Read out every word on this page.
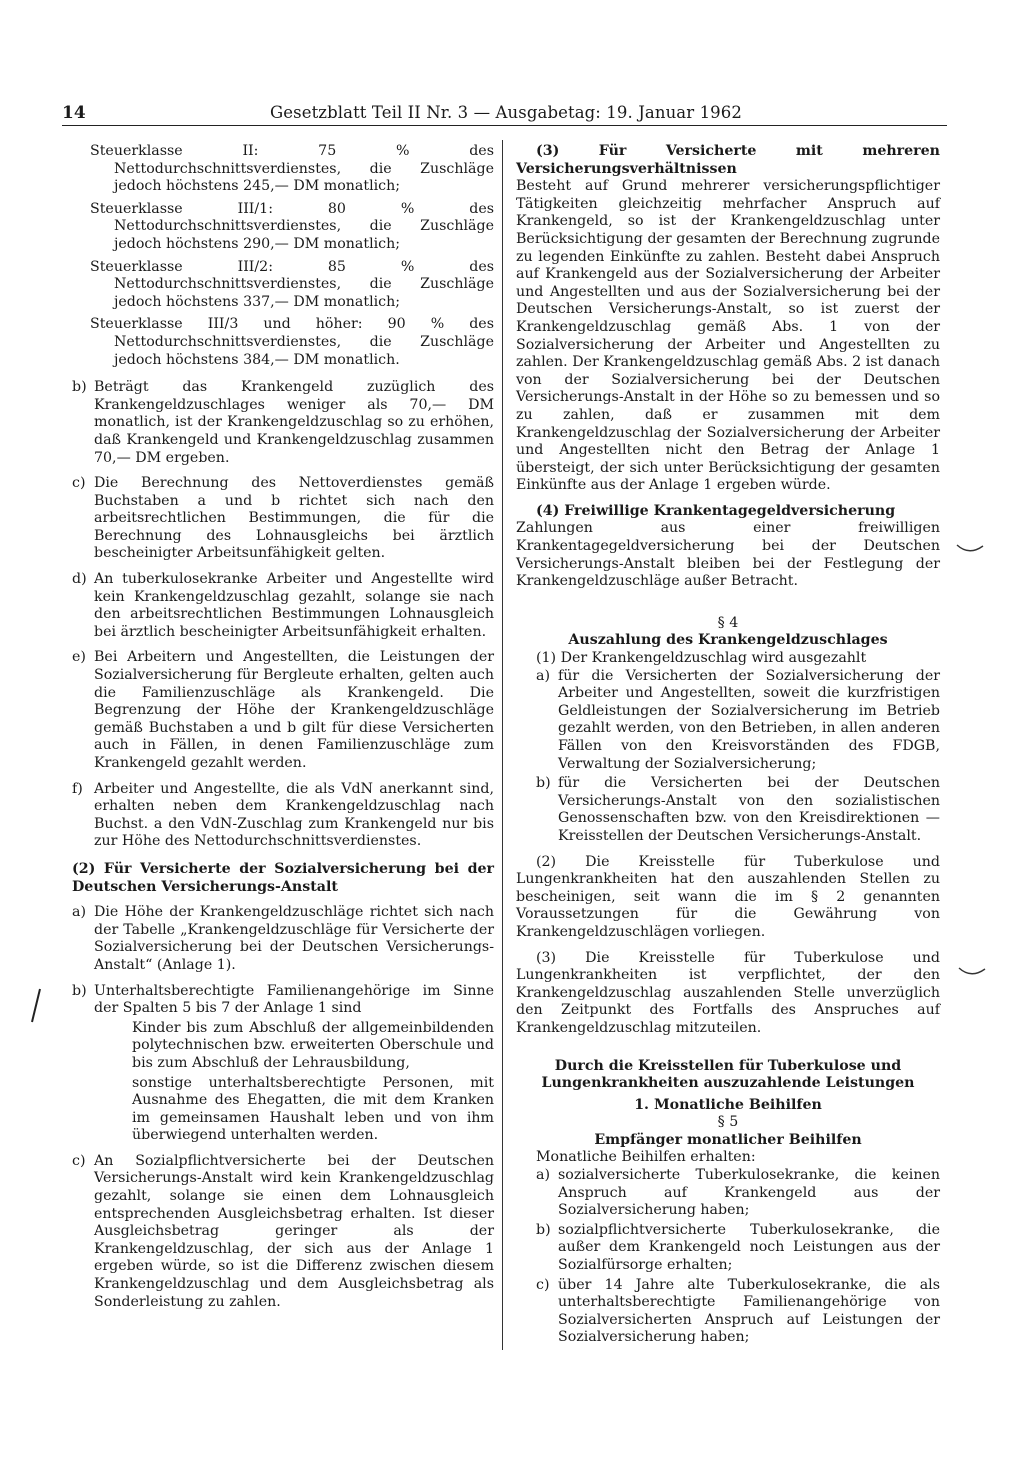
14	Gesetzblatt Teil II Nr. 3 — Ausgabetag: 19. Januar 1962

Steuerklasse II: 75 % des Nettodurchschnittsverdienstes, die Zuschläge jedoch höchstens 245,— DM monatlich;

Steuerklasse III/1: 80 % des Nettodurchschnittsverdienstes, die Zuschläge jedoch höchstens 290,— DM monatlich;

Steuerklasse III/2: 85 % des Nettodurchschnittsverdienstes, die Zuschläge jedoch höchstens 337,— DM monatlich;

Steuerklasse III/3 und höher: 90 % des Nettodurchschnittsverdienstes, die Zuschläge jedoch höchstens 384,— DM monatlich.

b) Beträgt das Krankengeld zuzüglich des Krankengeldzuschlages weniger als 70,— DM monatlich, ist der Krankengeldzuschlag so zu erhöhen, daß Krankengeld und Krankengeldzuschlag zusammen 70,— DM ergeben.
c) Die Berechnung des Nettoverdienstes gemäß Buchstaben a und b richtet sich nach den arbeitsrechtlichen Bestimmungen, die für die Berechnung des Lohnausgleichs bei ärztlich bescheinigter Arbeitsunfähigkeit gelten.
d) An tuberkulosekranke Arbeiter und Angestellte wird kein Krankengeldzuschlag gezahlt, solange sie nach den arbeitsrechtlichen Bestimmungen Lohnausgleich bei ärztlich bescheinigter Arbeitsunfähigkeit erhalten.
e) Bei Arbeitern und Angestellten, die Leistungen der Sozialversicherung für Bergleute erhalten, gelten auch die Familienzuschläge als Krankengeld. Die Begrenzung der Höhe der Krankengeldzuschläge gemäß Buchstaben a und b gilt für diese Versicherten auch in Fällen, in denen Familienzuschläge zum Krankengeld gezahlt werden.
f) Arbeiter und Angestellte, die als VdN anerkannt sind, erhalten neben dem Krankengeldzuschlag nach Buchst. a den VdN-Zuschlag zum Krankengeld nur bis zur Höhe des Nettodurchschnittsverdienstes.

(2) Für Versicherte der Sozialversicherung bei der Deutschen Versicherungs-Anstalt

a) Die Höhe der Krankengeldzuschläge richtet sich nach der Tabelle „Krankengeldzuschläge für Versicherte der Sozialversicherung bei der Deutschen Versicherungs-Anstalt“ (Anlage 1).
b) Unterhaltsberechtigte Familienangehörige im Sinne der Spalten 5 bis 7 der Anlage 1 sind

Kinder bis zum Abschluß der allgemeinbildenden polytechnischen bzw. erweiterten Oberschule und bis zum Abschluß der Lehrausbildung,

sonstige unterhaltsberechtigte Personen, mit Ausnahme des Ehegatten, die mit dem Kranken im gemeinsamen Haushalt leben und von ihm überwiegend unterhalten werden.

c) An Sozialpflichtversicherte bei der Deutschen Versicherungs-Anstalt wird kein Krankengeldzuschlag gezahlt, solange sie einen dem Lohnausgleich entsprechenden Ausgleichsbetrag erhalten. Ist dieser Ausgleichsbetrag geringer als der Krankengeldzuschlag, der sich aus der Anlage 1 ergeben würde, so ist die Differenz zwischen diesem Krankengeldzuschlag und dem Ausgleichsbetrag als Sonderleistung zu zahlen.

(3) Für Versicherte mit mehreren Versicherungsverhältnissen

Besteht auf Grund mehrerer versicherungspflichtiger Tätigkeiten gleichzeitig mehrfacher Anspruch auf Krankengeld, so ist der Krankengeldzuschlag unter Berücksichtigung der gesamten der Berechnung zugrunde zu legenden Einkünfte zu zahlen. Besteht dabei Anspruch auf Krankengeld aus der Sozialversicherung der Arbeiter und Angestellten und aus der Sozialversicherung bei der Deutschen Versicherungs-Anstalt, so ist zuerst der Krankengeldzuschlag gemäß Abs. 1 von der Sozialversicherung der Arbeiter und Angestellten zu zahlen. Der Krankengeldzuschlag gemäß Abs. 2 ist danach von der Sozialversicherung bei der Deutschen Versicherungs-Anstalt in der Höhe so zu bemessen und so zu zahlen, daß er zusammen mit dem Krankengeldzuschlag der Sozialversicherung der Arbeiter und Angestellten nicht den Betrag der Anlage 1 übersteigt, der sich unter Berücksichtigung der gesamten Einkünfte aus der Anlage 1 ergeben würde.

(4) Freiwillige Krankentagegeldversicherung

Zahlungen aus einer freiwilligen Krankentagegeldversicherung bei der Deutschen Versicherungs-Anstalt bleiben bei der Festlegung der Krankengeldzuschläge außer Betracht.

§ 4

Auszahlung des Krankengeldzuschlages

(1) Der Krankengeldzuschlag wird ausgezahlt

a) für die Versicherten der Sozialversicherung der Arbeiter und Angestellten, soweit die kurzfristigen Geldleistungen der Sozialversicherung im Betrieb gezahlt werden, von den Betrieben, in allen anderen Fällen von den Kreisvorständen des FDGB, Verwaltung der Sozialversicherung;
b) für die Versicherten bei der Deutschen Versicherungs-Anstalt von den sozialistischen Genossenschaften bzw. von den Kreisdirektionen — Kreisstellen der Deutschen Versicherungs-Anstalt.

(2) Die Kreisstelle für Tuberkulose und Lungenkrankheiten hat den auszahlenden Stellen zu bescheinigen, seit wann die im § 2 genannten Voraussetzungen für die Gewährung von Krankengeldzuschlägen vorliegen.

(3) Die Kreisstelle für Tuberkulose und Lungenkrankheiten ist verpflichtet, der den Krankengeldzuschlag auszahlenden Stelle unverzüglich den Zeitpunkt des Fortfalls des Anspruches auf Krankengeldzuschlag mitzuteilen.

Durch die Kreisstellen für Tuberkulose und Lungenkrankheiten auszuzahlende Leistungen

1. Monatliche Beihilfen

§ 5

Empfänger monatlicher Beihilfen

Monatliche Beihilfen erhalten:

a) sozialversicherte Tuberkulosekranke, die keinen Anspruch auf Krankengeld aus der Sozialversicherung haben;
b) sozialpflichtversicherte Tuberkulosekranke, die außer dem Krankengeld noch Leistungen aus der Sozialfürsorge erhalten;
c) über 14 Jahre alte Tuberkulosekranke, die als unterhaltsberechtigte Familienangehörige von Sozialversicherten Anspruch auf Leistungen der Sozialversicherung haben;
